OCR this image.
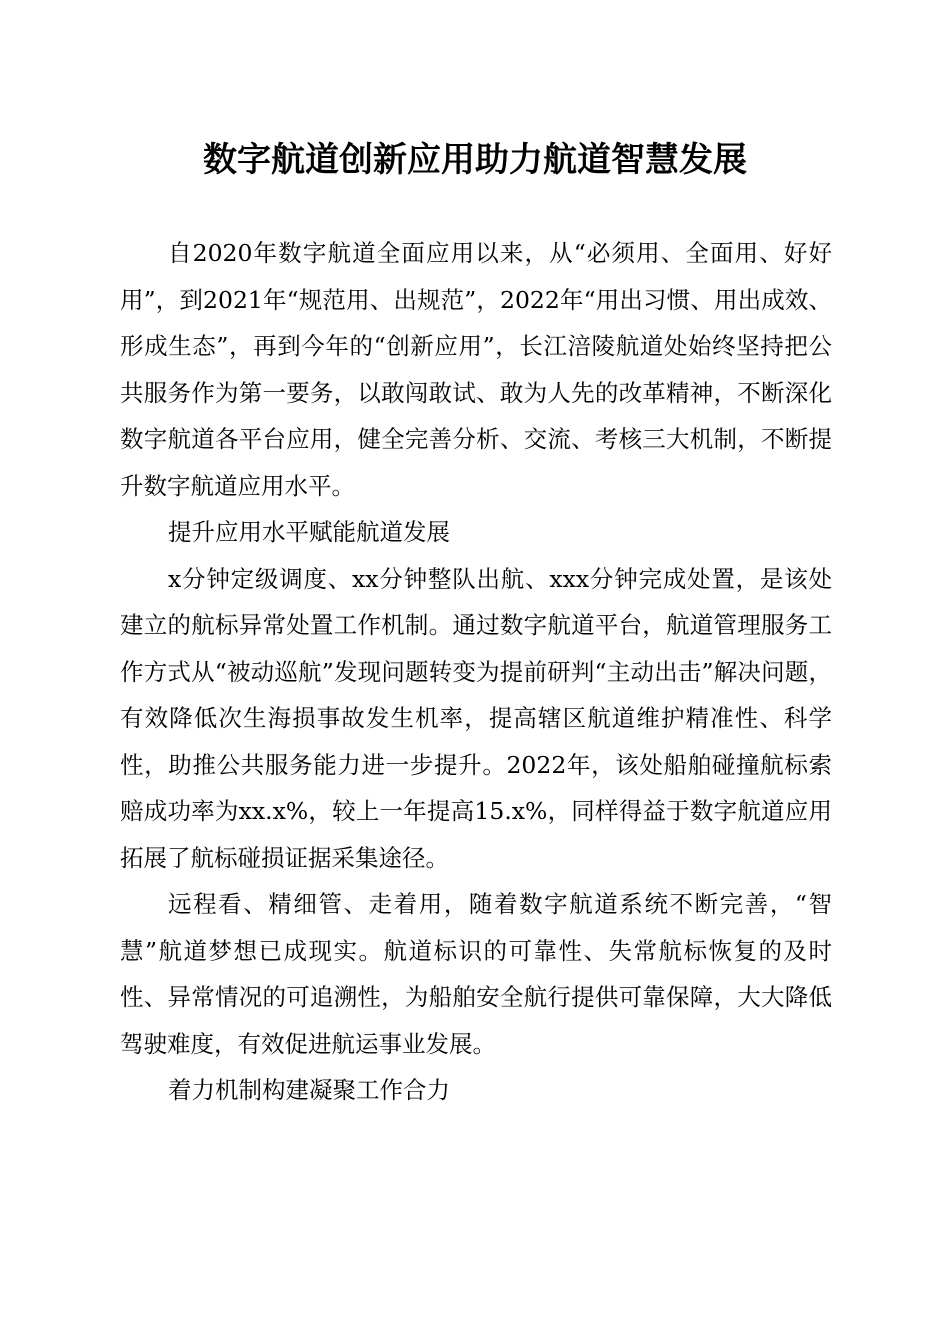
数字航道创新应用助力航道智慧发展

自2020年数字航道全面应用以来，从“必须用、全面用、好好用”，到2021年“规范用、出规范”，2022年“用出习惯、用出成效、形成生态”，再到今年的“创新应用”，长江涪陵航道处始终坚持把公共服务作为第一要务，以敢闯敢试、敢为人先的改革精神，不断深化数字航道各平台应用，健全完善分析、交流、考核三大机制，不断提升数字航道应用水平。

提升应用水平赋能航道发展

x分钟定级调度、xx分钟整队出航、xxx分钟完成处置，是该处建立的航标异常处置工作机制。通过数字航道平台，航道管理服务工作方式从“被动巡航”发现问题转变为提前研判“主动出击”解决问题，有效降低次生海损事故发生机率，提高辖区航道维护精准性、科学性，助推公共服务能力进一步提升。2022年，该处船舶碰撞航标索赔成功率为xx.x%，较上一年提高15.x%，同样得益于数字航道应用拓展了航标碰损证据采集途径。

远程看、精细管、走着用，随着数字航道系统不断完善，“智慧”航道梦想已成现实。航道标识的可靠性、失常航标恢复的及时性、异常情况的可追溯性，为船舶安全航行提供可靠保障，大大降低驾驶难度，有效促进航运事业发展。

着力机制构建凝聚工作合力
